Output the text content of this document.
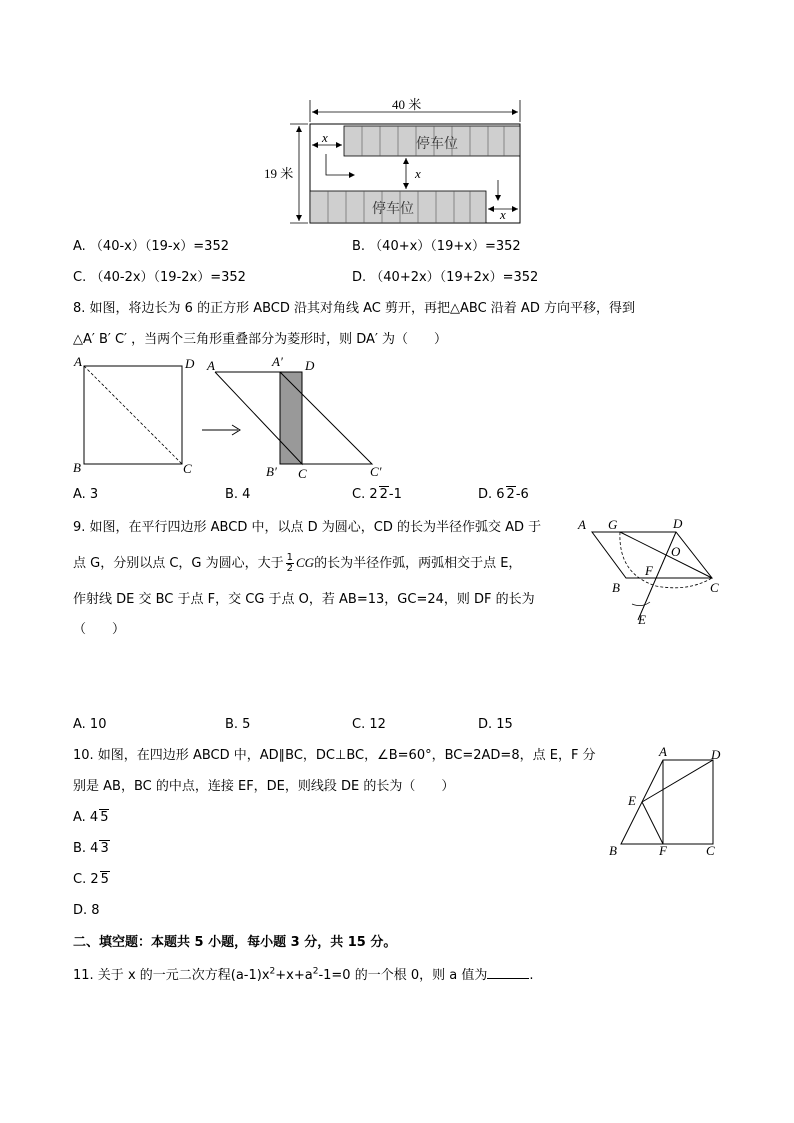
40 米
19 米
停车位
停车位
x
x
x
A. （40-x）（19-x）=352	B. （40+x）（19+x）=352
C. （40-2x）（19-2x）=352	D. （40+2x）（19+2x）=352
8. 如图，将边长为 6 的正方形 ABCD 沿其对角线 AC 剪开，再把△ABC 沿着 AD 方向平移，得到
△A′ B′ C′ ，当两个三角形重叠部分为菱形时，则 DA′ 为（　　）
A	D
B	C
A	A′ D
B′ C	C′
A. 3	B. 4	C. 2 2-1	D. 6 2-6
9. 如图，在平行四边形 ABCD 中，以点 D 为圆心，CD 的长为半径作弧交 AD 于
点 G，分别以点 C，G 为圆心，大于 $\frac{1}{2}$ CG的长为半径作弧，两弧相交于点 E，
作射线 DE 交 BC 于点 F，交 CG 于点 O，若 AB=13，GC=24，则 DF 的长为
（　　）
A G	D
O
F
B	C
E
A. 10	B. 5	C. 12	D. 15
10. 如图，在四边形 ABCD 中，AD∥BC，DC⊥BC，∠B=60°，BC=2AD=8，点 E，F 分
别是 AB，BC 的中点，连接 EF，DE，则线段 DE 的长为（　　）
A	D
E
B	F	C
A. 4 5
B. 4 3
C. 2 5
D. 8
二、填空题：本题共 5 小题，每小题 3 分，共 15 分。
11. 关于 x 的一元二次方程$(a-1)x^2+x+a^2-1=0$ 的一个根 0，则 a 值为	.
